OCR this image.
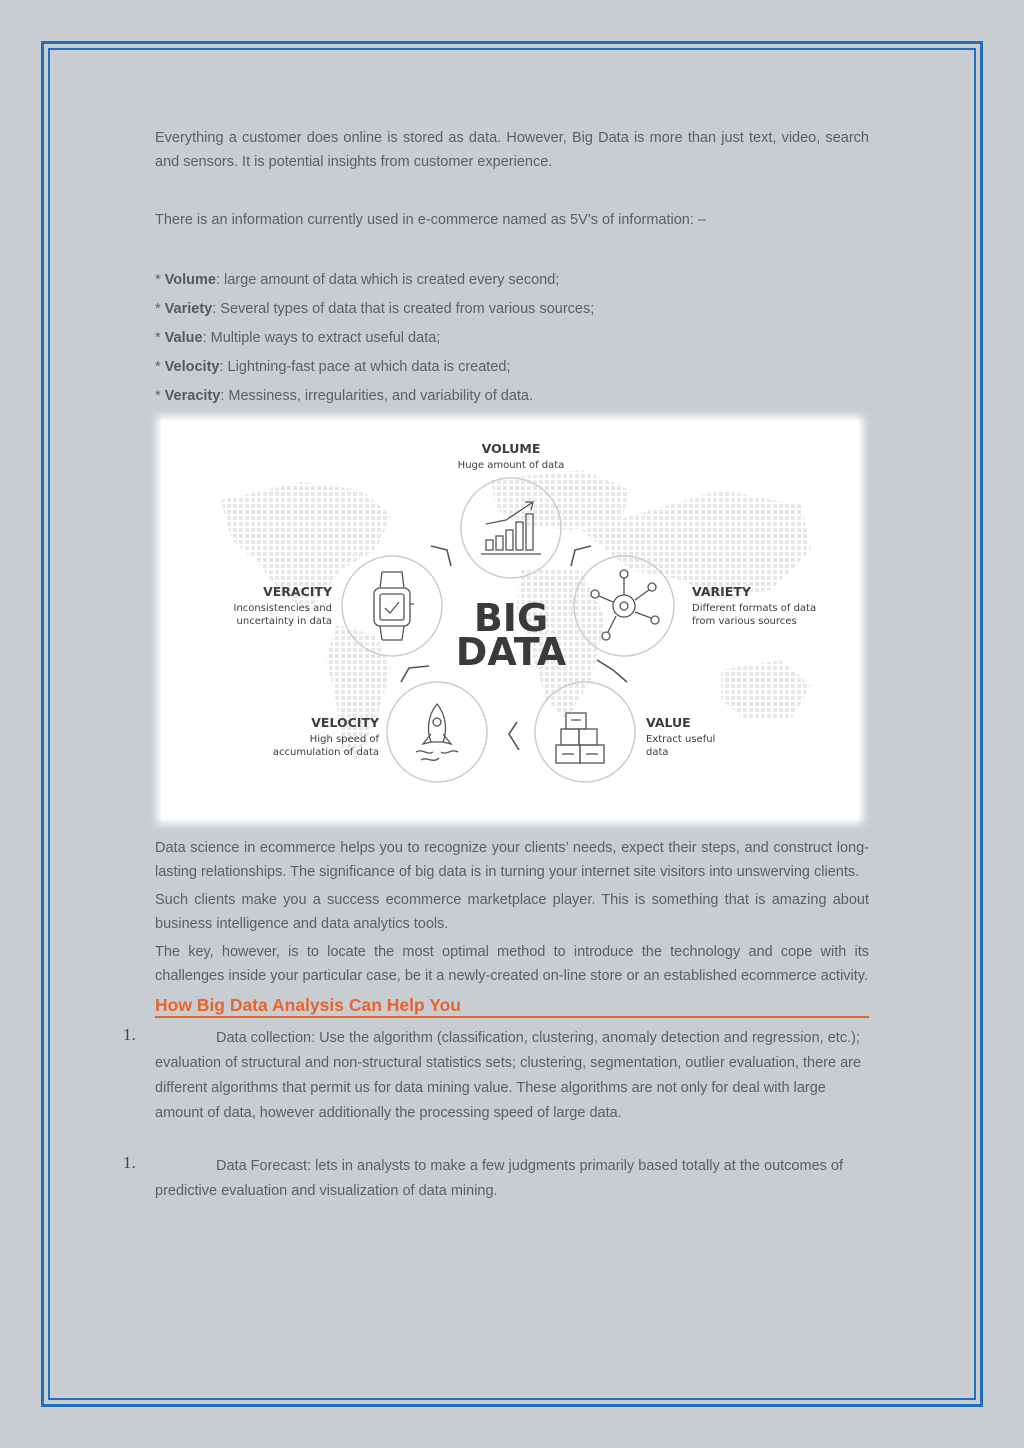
Everything a customer does online is stored as data. However, Big Data is more than just text, video, search and sensors. It is potential insights from customer experience.

There is an information currently used in e-commerce named as 5V’s of information: –

* Volume: large amount of data which is created every second;
* Variety: Several types of data that is created from various sources;
* Value: Multiple ways to extract useful data;
* Velocity: Lightning-fast pace at which data is created;
* Veracity: Messiness, irregularities, and variability of data.
BIG
DATA
VOLUME
Huge amount of data
VARIETY
Different formats of data
from various sources
VALUE
Extract useful
data
VELOCITY
High speed of
accumulation of data
VERACITY
Inconsistencies and
uncertainty in data

Data science in ecommerce helps you to recognize your clients’ needs, expect their steps, and construct long-lasting relationships. The significance of big data is in turning your internet site visitors into unswerving clients.

Such clients make you a success ecommerce marketplace player. This is something that is amazing about business intelligence and data analytics tools.

The key, however, is to locate the most optimal method to introduce the technology and cope with its challenges inside your particular case, be it a newly-created on-line store or an established ecommerce activity.

How Big Data Analysis Can Help You
1.	Data collection: Use the algorithm (classification, clustering, anomaly detection and regression, etc.); evaluation of structural and non-structural statistics sets; clustering, segmentation, outlier evaluation, there are different algorithms that permit us for data mining value. These algorithms are not only for deal with large amount of data, however additionally the processing speed of large data.
1.	Data Forecast: lets in analysts to make a few judgments primarily based totally at the outcomes of predictive evaluation and visualization of data mining.
